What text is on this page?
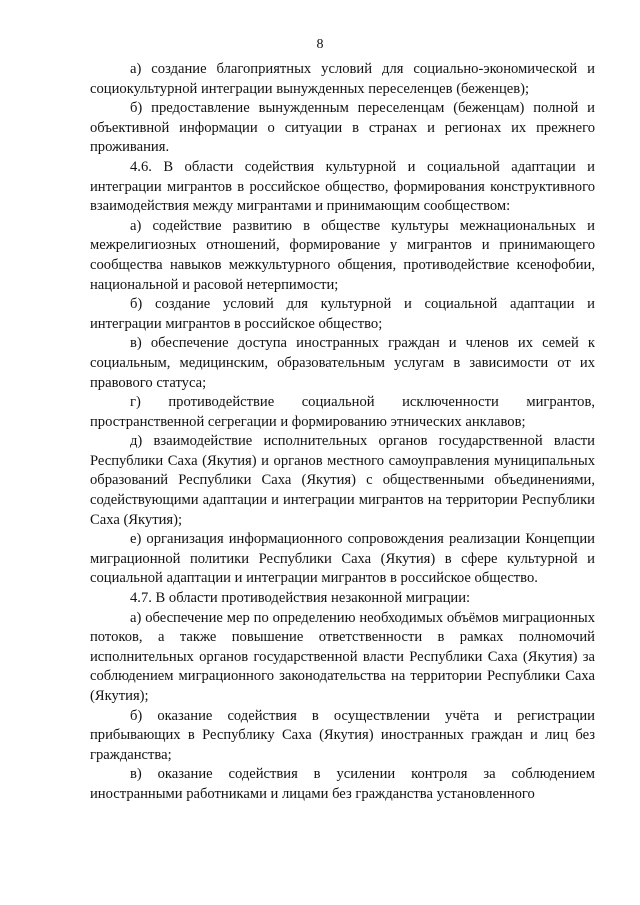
8

а) создание благоприятных условий для социально-экономической и социокультурной интеграции вынужденных переселенцев (беженцев);

б) предоставление вынужденным переселенцам (беженцам) полной и объективной информации о ситуации в странах и регионах их прежнего проживания.

4.6. В области содействия культурной и социальной адаптации и интеграции мигрантов в российское общество, формирования конструктивного взаимодействия между мигрантами и принимающим сообществом:

а) содействие развитию в обществе культуры межнациональных и межрелигиозных отношений, формирование у мигрантов и принимающего сообщества навыков межкультурного общения, противодействие ксенофобии, национальной и расовой нетерпимости;

б) создание условий для культурной и социальной адаптации и интеграции мигрантов в российское общество;

в) обеспечение доступа иностранных граждан и членов их семей к социальным, медицинским, образовательным услугам в зависимости от их правового статуса;

г) противодействие социальной исключенности мигрантов, пространственной сегрегации и формированию этнических анклавов;

д) взаимодействие исполнительных органов государственной власти Республики Саха (Якутия) и органов местного самоуправления муниципальных образований Республики Саха (Якутия) с общественными объединениями, содействующими адаптации и интеграции мигрантов на территории Республики Саха (Якутия);

е) организация информационного сопровождения реализации Концепции миграционной политики Республики Саха (Якутия) в сфере культурной и социальной адаптации и интеграции мигрантов в российское общество.

4.7. В области противодействия незаконной миграции:

а) обеспечение мер по определению необходимых объёмов миграционных потоков, а также повышение ответственности в рамках полномочий исполнительных органов государственной власти Республики Саха (Якутия) за соблюдением миграционного законодательства на территории Республики Саха (Якутия);

б) оказание содействия в осуществлении учёта и регистрации прибывающих в Республику Саха (Якутия) иностранных граждан и лиц без гражданства;

в) оказание содействия в усилении контроля за соблюдением иностранными работниками и лицами без гражданства установленного
